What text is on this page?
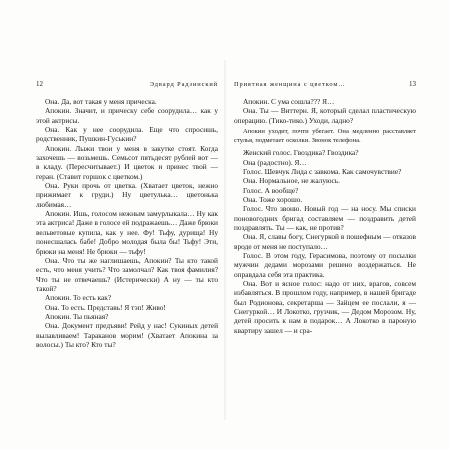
12	Эдвард Радзинский

Она. Да, вот такая у меня прическа.

Апокин. Значит, и прическу себе соорудила… как у этой актрисы.

Она. Как у нее соорудила. Еще что спросишь, родственник, Пушкин-Гуськин?

Апокин. Лыжи твои у меня в закутке стоят. Когда захочешь — возьмешь. Семьсот пятьдесят рублей вот — в кладу. (Пересчитывает.) И цветок и принес твой — геран. (Ставит горшок с цветком.)

Она. Руки прочь от цветка. (Хватает цветок, нежно прижимает к груди.) Ну цветулька… цветонька любимая…

Апокин. Ишь, голосом нежным замурлыкала… Ну как эта актриса! Даже в голосе ей подражаешь… Даже брюки вельветовые купила, как у нее. Фу! Тьфу, дурища! Ну понесшалась бабе! Добро молодая была бы! Тьфу! Эти, брюки на меня! Не брюки — тьфу!

Она. Что ты же наглишаешь, Апокин? Ты кто такой есть, что меня учить? Что замолчал? Как твоя фамилия? Что ты не отвечаешь? (Истерически) А ну — ты кто такой?

Апокин. То есть как?

Она. То есть. Представь! Я тэп! Живо!

Апокин. Ты пьяная?

Она. Документ предъяви! Рейд у нас! Сукиных детей вылавливаем! Тараканов морим! (Хватает Апокина за волосы.) Ты кто? Кто ты?

Приятная женщина с цветком…	13

Апокин. С ума сошла??? Я…

Она. Ты — Виттерн. Я, который сделал пластическую операцию. (Тико-тико.) Уходи, ладно?

Апокин уходит, почти убегает. Она медленно расставляет стулья, подметает осколки. Звонок телефона.

Женский голос. Гвоздика? Гвоздика?

Она (радостно). Я…

Голос. Шевчук Лида с завкома. Как самочувствие?

Она. Нормальное, не жалуюсь.

Голос. А вообще?

Она. Тоже хорошо.

Голос. Что звоню. Новый год — на носу. Мы списки поновогодних бригад составляем — поздравить детей поздравлять. Ты — как, не против?

Она. Я, славы богу, Снегуркой в пошефным — отказов вроде от меня не поступало…

Голос. В этом году, Герасимова, поэтому от посылки мужчин дедами морозами решено воздержаться. Не оправдала себя эта практика.

Она. Вот и ясное голос: надо от них, врагов, совсем избавляться. В прошлом году, например, в нашей бригаде был Родионова, секретарша — Зайцем ее послали, я — Снегуркой… И Локотко, грузчик, — Дедом Морозом. Ну, детей просить к нам в подарок… А Локотко в пароную квартиру зашел — и сра-
